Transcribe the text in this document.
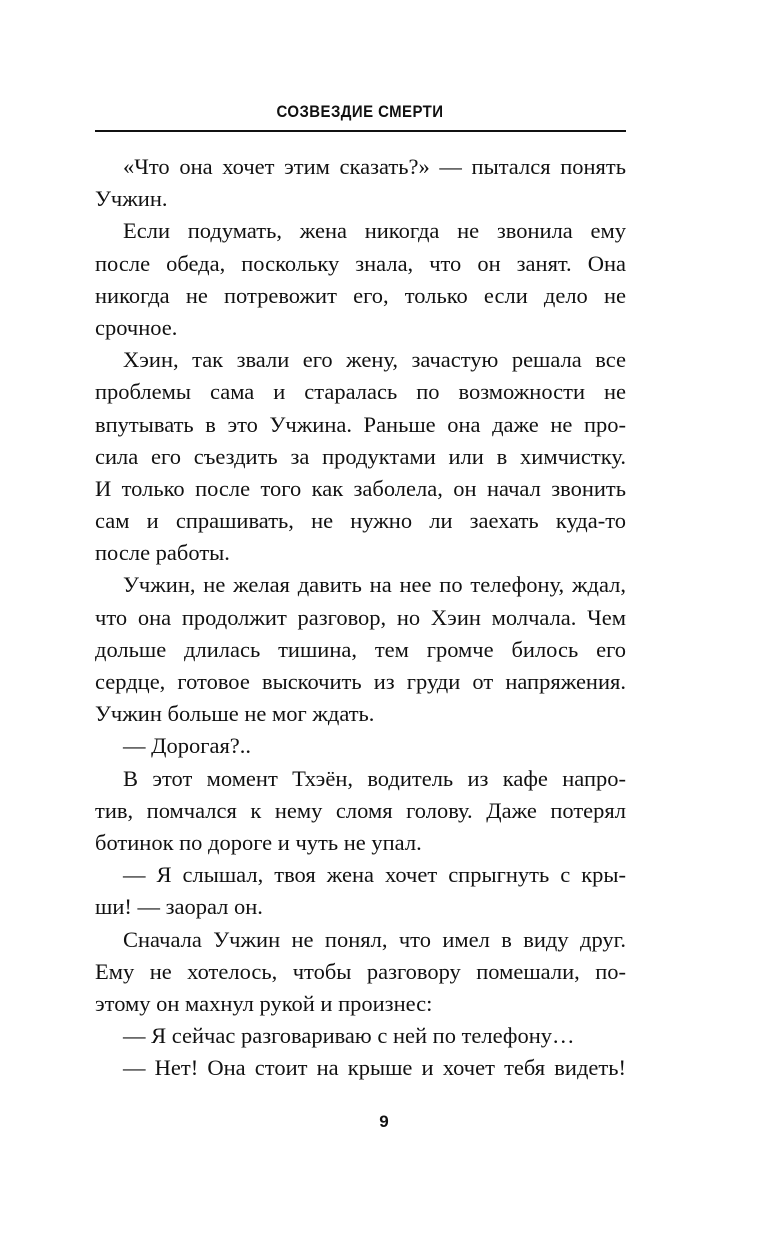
СОЗВЕЗДИЕ СМЕРТИ
«Что она хочет этим сказать?» — пытался понять
Учжин.
Если подумать, жена никогда не звонила ему
после обеда, поскольку знала, что он занят. Она
никогда не потревожит его, только если дело не
срочное.
Хэин, так звали его жену, зачастую решала все
проблемы сама и старалась по возможности не
впутывать в это Учжина. Раньше она даже не про-
сила его съездить за продуктами или в химчистку.
И только после того как заболела, он начал звонить
сам и спрашивать, не нужно ли заехать куда-то
после работы.
Учжин, не желая давить на нее по телефону, ждал,
что она продолжит разговор, но Хэин молчала. Чем
дольше длилась тишина, тем громче билось его
сердце, готовое выскочить из груди от напряжения.
Учжин больше не мог ждать.
— Дорогая?..
В этот момент Тхэён, водитель из кафе напро-
тив, помчался к нему сломя голову. Даже потерял
ботинок по дороге и чуть не упал.
— Я слышал, твоя жена хочет спрыгнуть с кры-
ши! — заорал он.
Сначала Учжин не понял, что имел в виду друг.
Ему не хотелось, чтобы разговору помешали, по-
этому он махнул рукой и произнес:
— Я сейчас разговариваю с ней по телефону…
— Нет! Она стоит на крыше и хочет тебя видеть!
9
